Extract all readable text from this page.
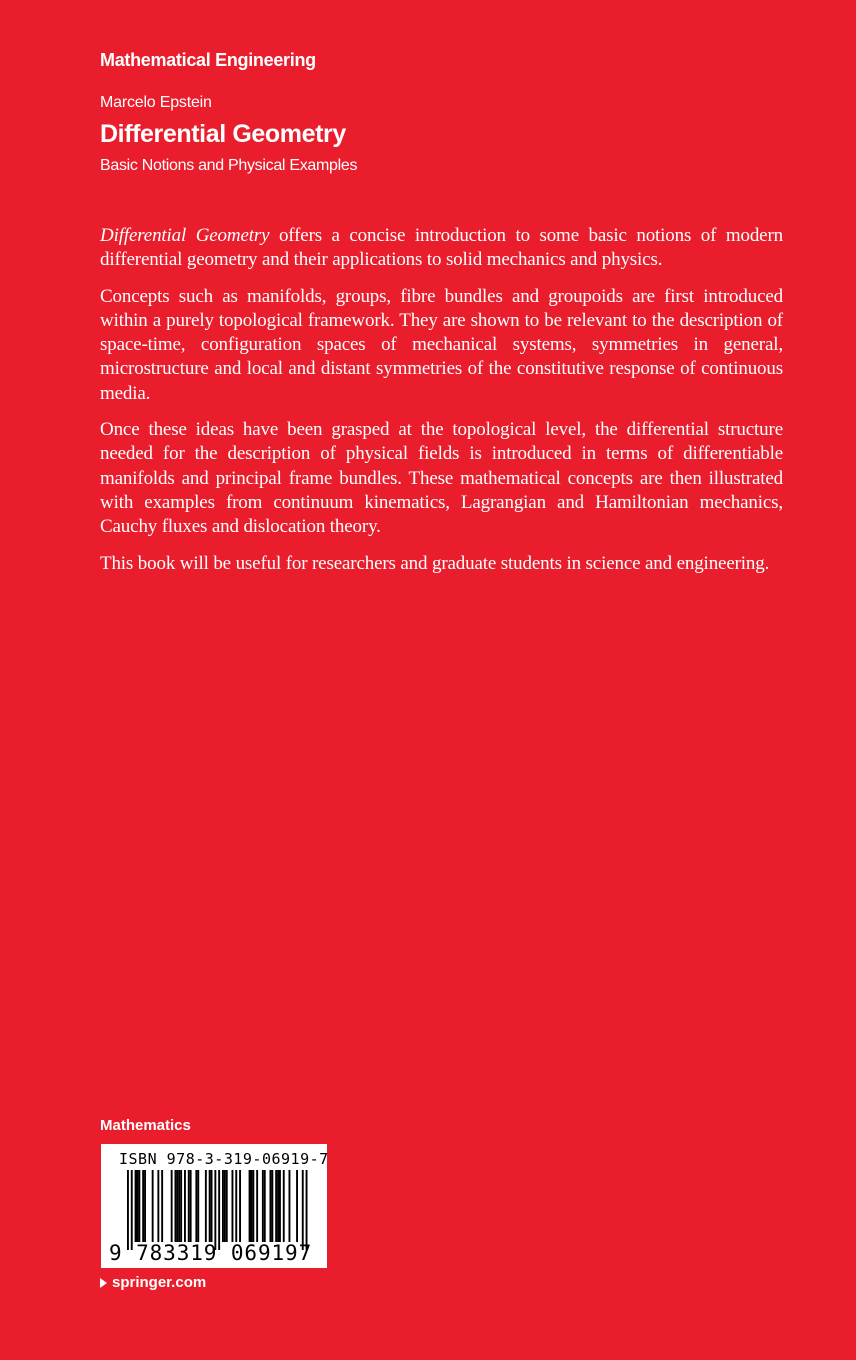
Mathematical Engineering
Marcelo Epstein
Differential Geometry
Basic Notions and Physical Examples

Differential Geometry offers a concise introduction to some basic notions of modern differential geometry and their applications to solid mechanics and physics.

Concepts such as manifolds, groups, fibre bundles and groupoids are first introduced within a purely topological framework. They are shown to be relevant to the description of space-time, configuration spaces of mechanical systems, symmetries in general, microstructure and local and distant symmetries of the constitutive response of continuous media.

Once these ideas have been grasped at the topological level, the differential structure needed for the description of physical fields is introduced in terms of differentiable manifolds and principal frame bundles. These mathematical concepts are then illustrated with examples from continuum kinematics, Lagrangian and Hamiltonian mechanics, Cauchy fluxes and dislocation theory.

This book will be useful for researchers and graduate students in science and engineering.

Mathematics
ISBN 978-3-319-06919-7
9 783319 069197
springer.com
